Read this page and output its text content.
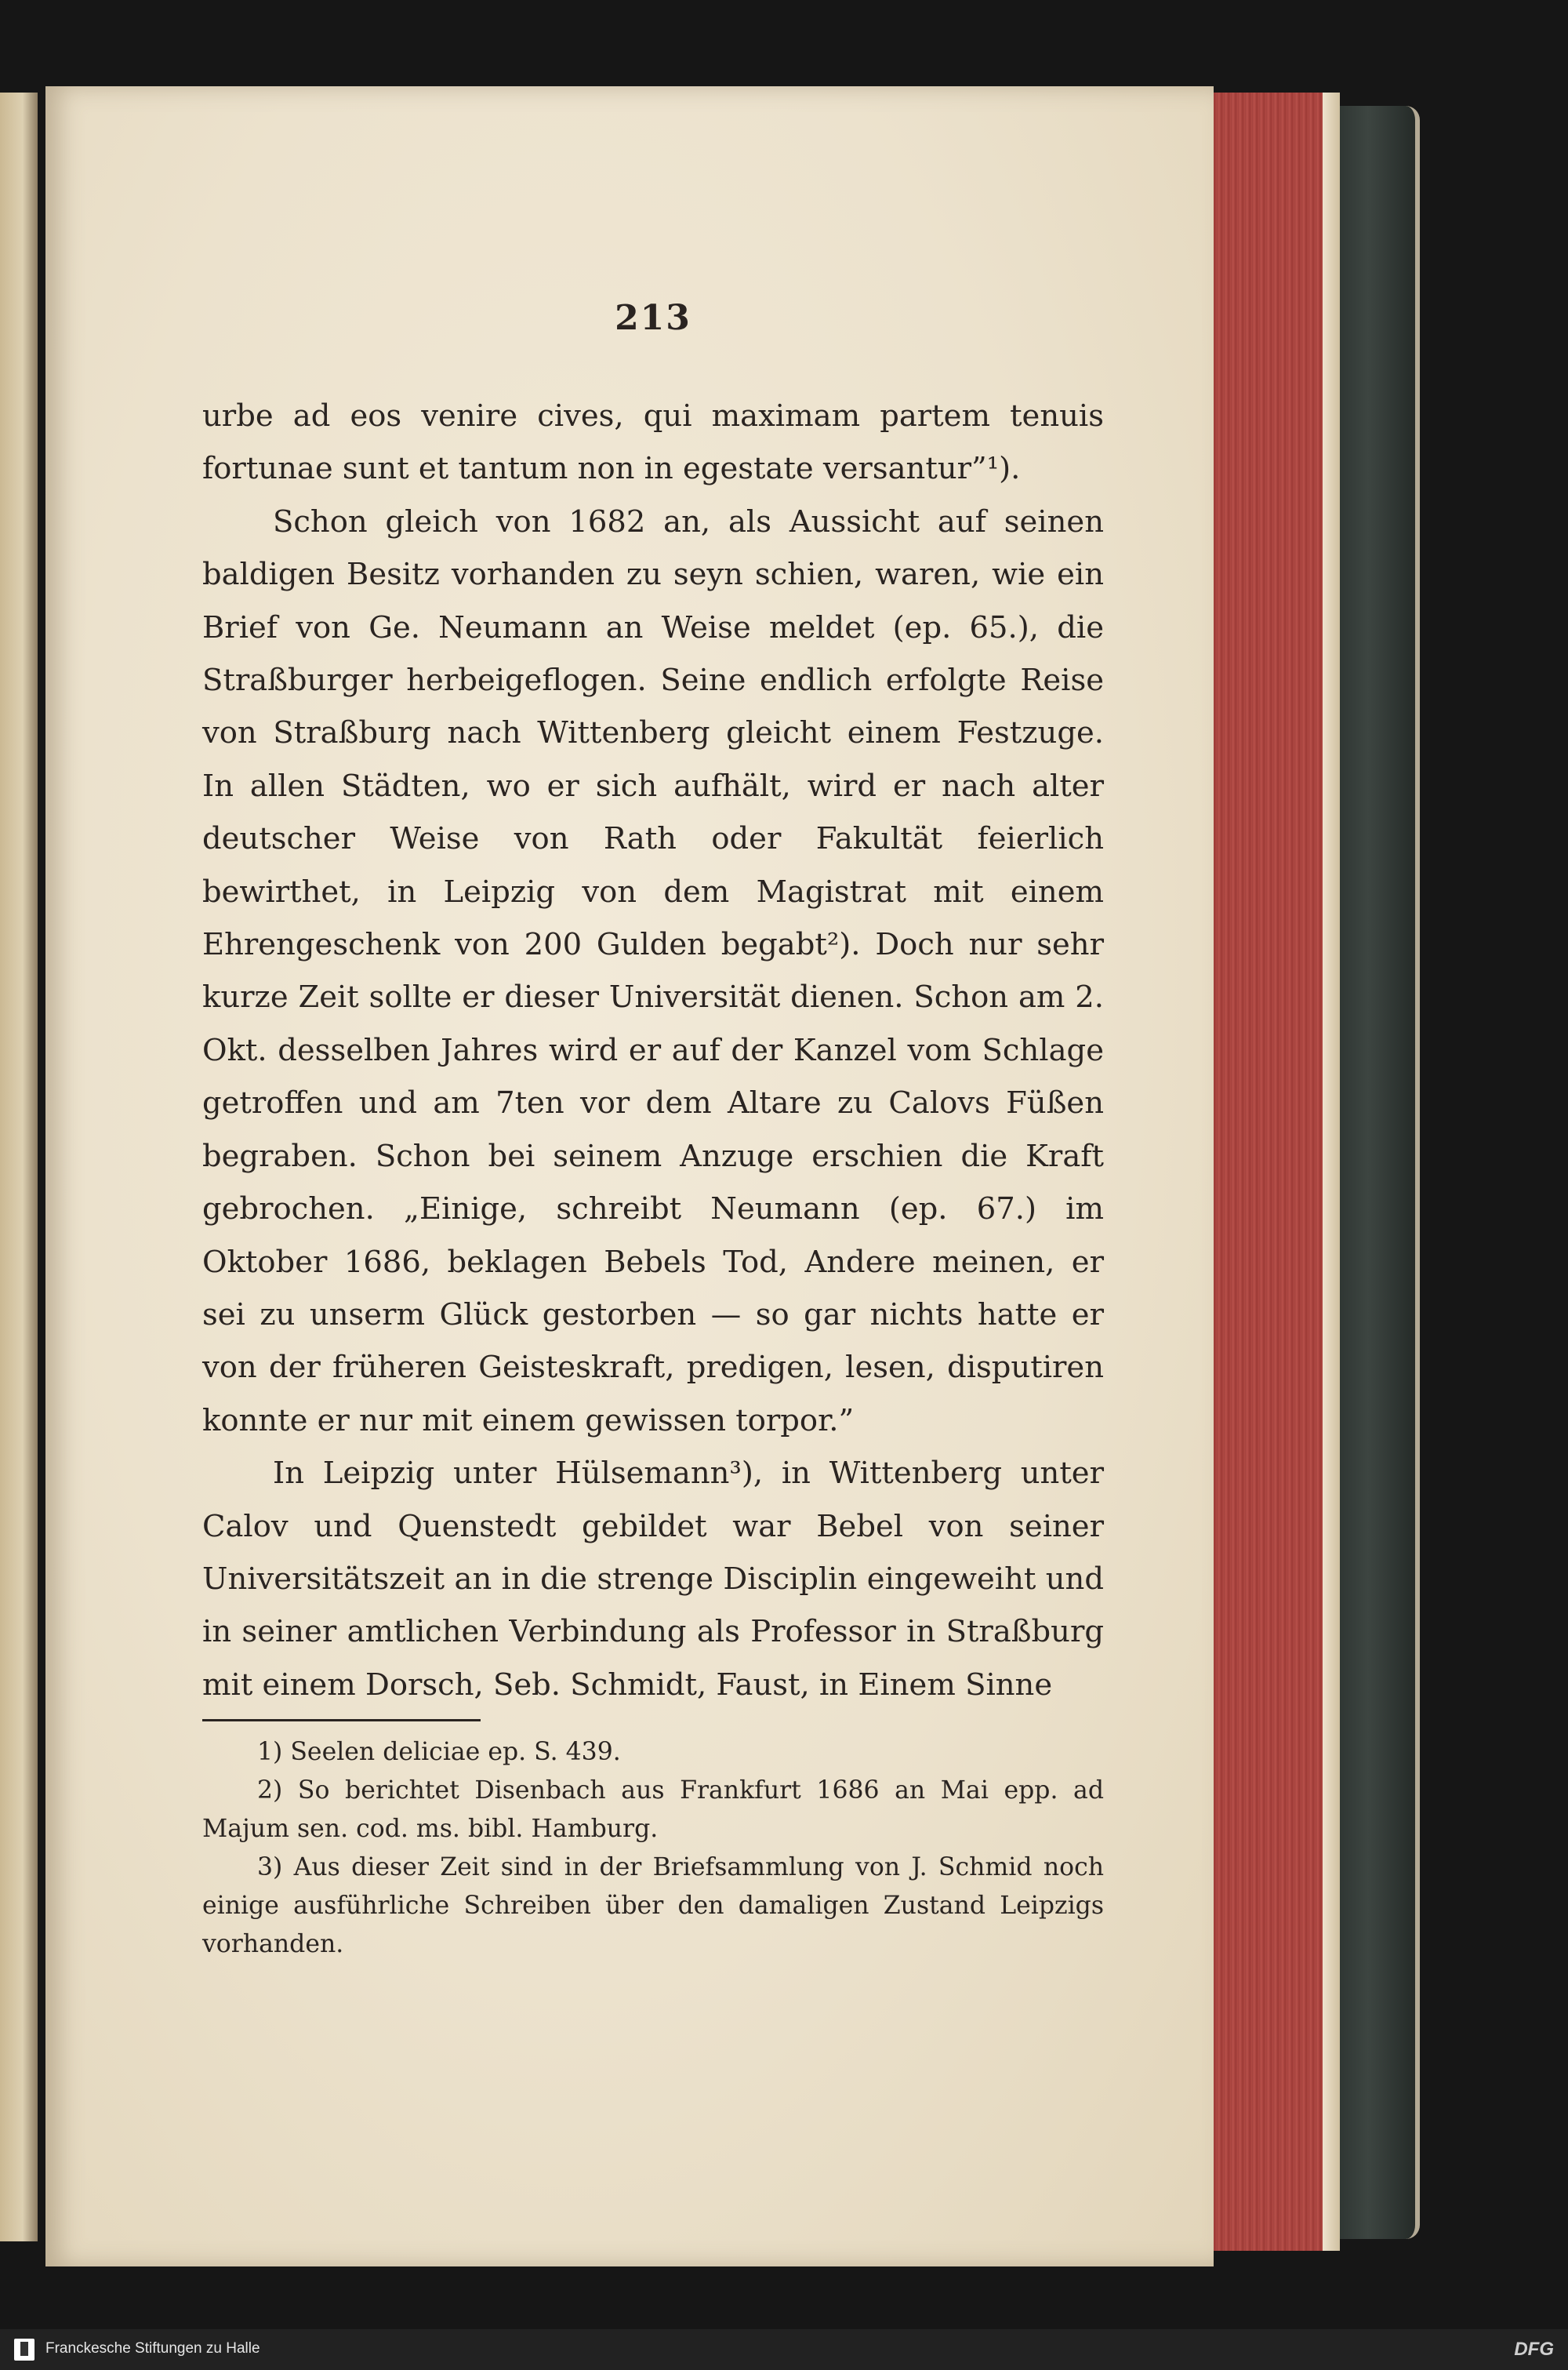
213

urbe ad eos venire cives, qui maximam partem tenuis fortunae sunt et tantum non in egestate versantur”¹).

Schon gleich von 1682 an, als Aussicht auf seinen baldigen Besitz vorhanden zu seyn schien, waren, wie ein Brief von Ge. Neumann an Weise meldet (ep. 65.), die Straßburger herbeigeflogen. Seine endlich erfolgte Reise von Straßburg nach Wittenberg gleicht einem Festzuge. In allen Städten, wo er sich aufhält, wird er nach alter deutscher Weise von Rath oder Fakultät feierlich bewirthet, in Leipzig von dem Magistrat mit einem Ehrengeschenk von 200 Gulden begabt²). Doch nur sehr kurze Zeit sollte er dieser Universität dienen. Schon am 2. Okt. desselben Jahres wird er auf der Kanzel vom Schlage getroffen und am 7ten vor dem Altare zu Calovs Füßen begraben. Schon bei seinem Anzuge erschien die Kraft gebrochen. „Einige, schreibt Neumann (ep. 67.) im Oktober 1686, beklagen Bebels Tod, Andere meinen, er sei zu unserm Glück gestorben — so gar nichts hatte er von der früheren Geisteskraft, predigen, lesen, disputiren konnte er nur mit einem gewissen torpor.”

In Leipzig unter Hülsemann³), in Wittenberg unter Calov und Quenstedt gebildet war Bebel von seiner Universitätszeit an in die strenge Disciplin eingeweiht und in seiner amtlichen Verbindung als Professor in Straßburg mit einem Dorsch, Seb. Schmidt, Faust, in Einem Sinne

1) Seelen deliciae ep. S. 439.

2) So berichtet Disenbach aus Frankfurt 1686 an Mai epp. ad Majum sen. cod. ms. bibl. Hamburg.

3) Aus dieser Zeit sind in der Briefsammlung von J. Schmid noch einige ausführliche Schreiben über den damaligen Zustand Leipzigs vorhanden.

Franckesche Stiftungen zu Halle	DFG
